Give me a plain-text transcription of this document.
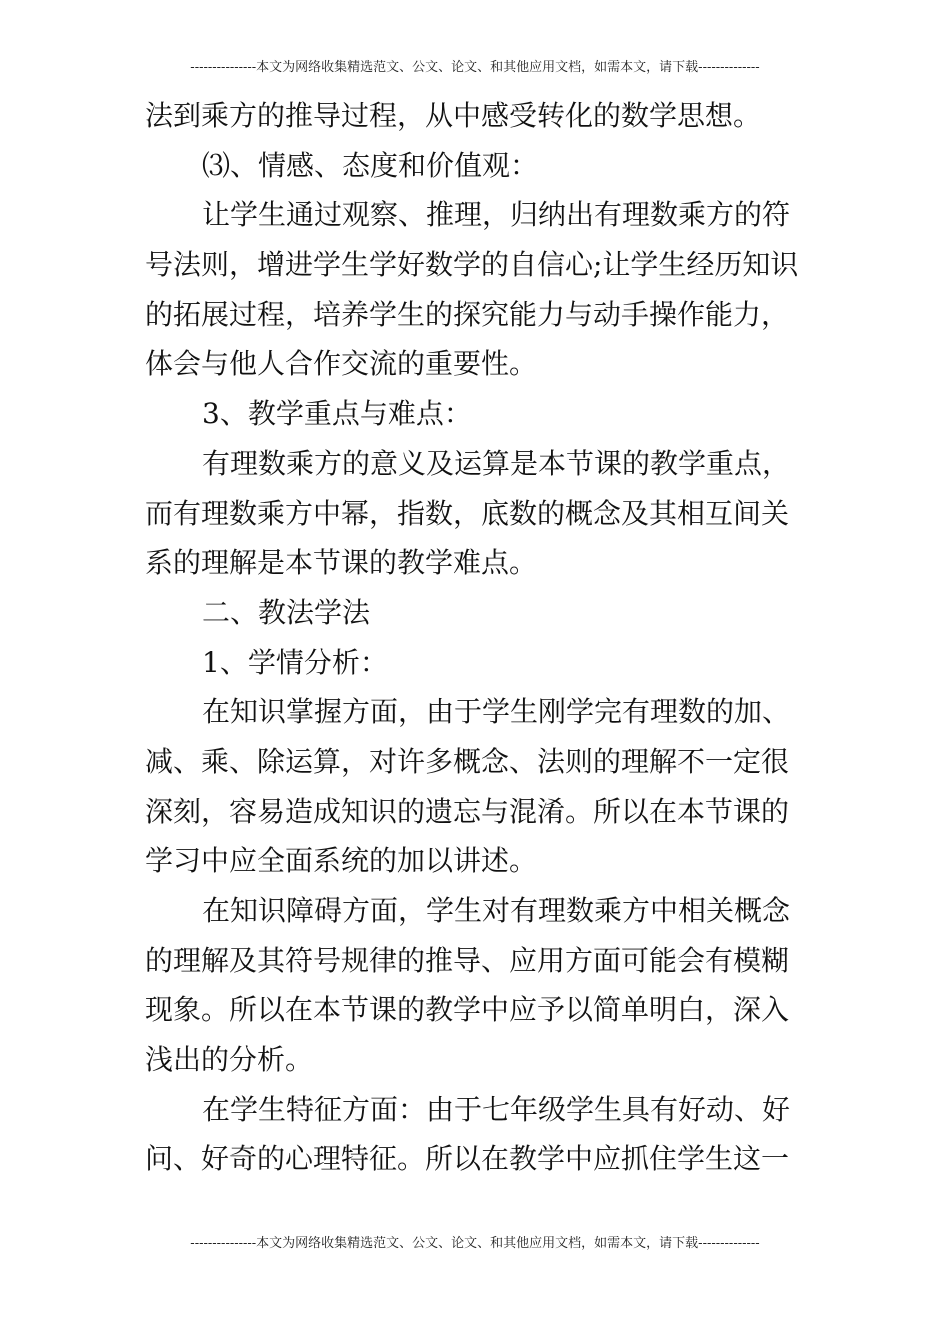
---------------本文为网络收集精选范文、公文、论文、和其他应用文档，如需本文，请下载--------------
法到乘方的推导过程，从中感受转化的数学思想。
⑶、情感、态度和价值观：
让学生通过观察、推理，归纳出有理数乘方的符
号法则，增进学生学好数学的自信心;让学生经历知识
的拓展过程，培养学生的探究能力与动手操作能力，
体会与他人合作交流的重要性。
3、教学重点与难点：
有理数乘方的意义及运算是本节课的教学重点，
而有理数乘方中幂，指数，底数的概念及其相互间关
系的理解是本节课的教学难点。
二、教法学法
1、学情分析：
在知识掌握方面，由于学生刚学完有理数的加、
减、乘、除运算，对许多概念、法则的理解不一定很
深刻，容易造成知识的遗忘与混淆。所以在本节课的
学习中应全面系统的加以讲述。
在知识障碍方面，学生对有理数乘方中相关概念
的理解及其符号规律的推导、应用方面可能会有模糊
现象。所以在本节课的教学中应予以简单明白，深入
浅出的分析。
在学生特征方面：由于七年级学生具有好动、好
问、好奇的心理特征。所以在教学中应抓住学生这一
---------------本文为网络收集精选范文、公文、论文、和其他应用文档，如需本文，请下载--------------
